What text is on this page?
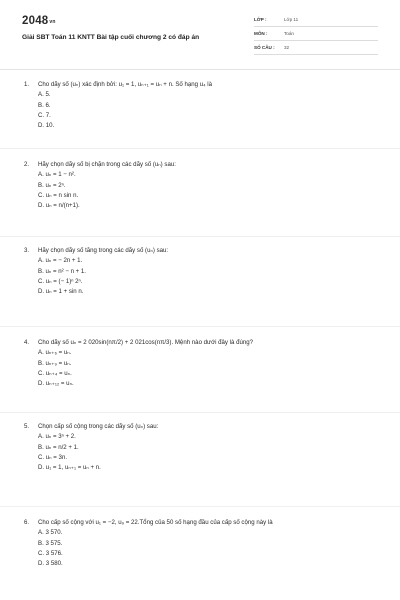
$2048^{vn}$
Giải SBT Toán 11 KNTT Bài tập cuối chương 2 có đáp án
LỚP :	Lớp 11
MÔN :	Toán
SỐ CÂU : 32
1. Cho dãy số (uₙ) xác định bởi: u₁ = 1, uₙ₊₁ = uₙ + n. Số hạng u₄ là
A. 5.
B. 6.
C. 7.
D. 10.
2. Hãy chọn dãy số bị chặn trong các dãy số (uₙ) sau:
A. uₙ = 1 − n².
B. uₙ = 2ⁿ.
C. uₙ = n sin n.
D. uₙ = n/(n+1).
3. Hãy chọn dãy số tăng trong các dãy số (uₙ) sau:
A. uₙ = − 2n + 1.
B. uₙ = n² − n + 1.
C. uₙ = (− 1)ⁿ 2ⁿ.
D. uₙ = 1 + sin n.
4. Cho dãy số uₙ = 2 020sin(nπ/2) + 2 021cos(nπ/3). Mệnh nào dưới đây là đúng?
A. uₙ₊₆ = uₙ.
B. uₙ₊₉ = uₙ.
C. uₙ₊₄ = uₙ.
D. uₙ₊₁₂ = uₙ.
5. Chọn cấp số cộng trong các dãy số (uₙ) sau:
A. uₙ = 3ⁿ + 2.
B. uₙ = n/2 + 1.
C. uₙ = 3n.
D. u₁ = 1, uₙ₊₁ = uₙ + n.
6. Cho cấp số cộng với u₁ = −2, u₉ = 22.Tổng của 50 số hạng đầu của cấp số cộng này là
A. 3 570.
B. 3 575.
C. 3 576.
D. 3 580.
